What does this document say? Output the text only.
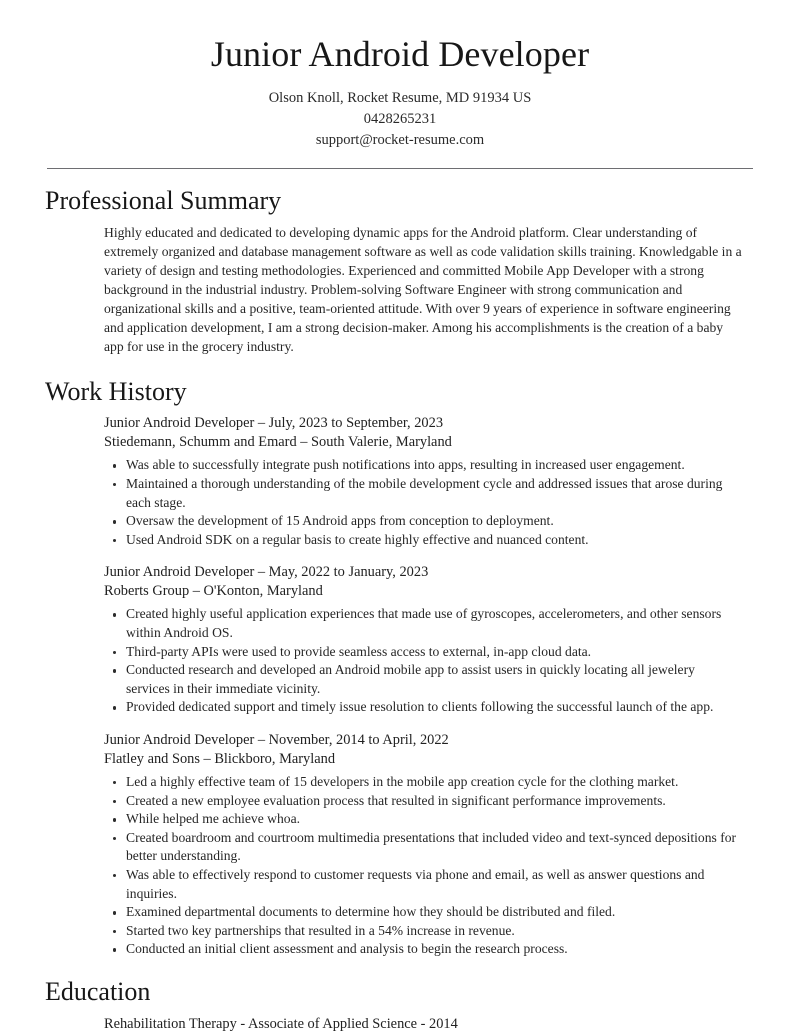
Junior Android Developer

Olson Knoll, Rocket Resume, MD 91934 US

0428265231

support@rocket-resume.com

Professional Summary

Highly educated and dedicated to developing dynamic apps for the Android platform. Clear understanding of extremely organized and database management software as well as code validation skills training. Knowledgable in a variety of design and testing methodologies. Experienced and committed Mobile App Developer with a strong background in the industrial industry. Problem-solving Software Engineer with strong communication and organizational skills and a positive, team-oriented attitude. With over 9 years of experience in software engineering and application development, I am a strong decision-maker. Among his accomplishments is the creation of a baby app for use in the grocery industry.

Work History

Junior Android Developer – July, 2023 to September, 2023

Stiedemann, Schumm and Emard – South Valerie, Maryland

Was able to successfully integrate push notifications into apps, resulting in increased user engagement.
Maintained a thorough understanding of the mobile development cycle and addressed issues that arose during each stage.
Oversaw the development of 15 Android apps from conception to deployment.
Used Android SDK on a regular basis to create highly effective and nuanced content.

Junior Android Developer – May, 2022 to January, 2023

Roberts Group – O'Konton, Maryland

Created highly useful application experiences that made use of gyroscopes, accelerometers, and other sensors within Android OS.
Third-party APIs were used to provide seamless access to external, in-app cloud data.
Conducted research and developed an Android mobile app to assist users in quickly locating all jewelery services in their immediate vicinity.
Provided dedicated support and timely issue resolution to clients following the successful launch of the app.

Junior Android Developer – November, 2014 to April, 2022

Flatley and Sons – Blickboro, Maryland

Led a highly effective team of 15 developers in the mobile app creation cycle for the clothing market.
Created a new employee evaluation process that resulted in significant performance improvements.
While helped me achieve whoa.
Created boardroom and courtroom multimedia presentations that included video and text-synced depositions for better understanding.
Was able to effectively respond to customer requests via phone and email, as well as answer questions and inquiries.
Examined departmental documents to determine how they should be distributed and filed.
Started two key partnerships that resulted in a 54% increase in revenue.
Conducted an initial client assessment and analysis to begin the research process.
Education

Rehabilitation Therapy - Associate of Applied Science - 2014
